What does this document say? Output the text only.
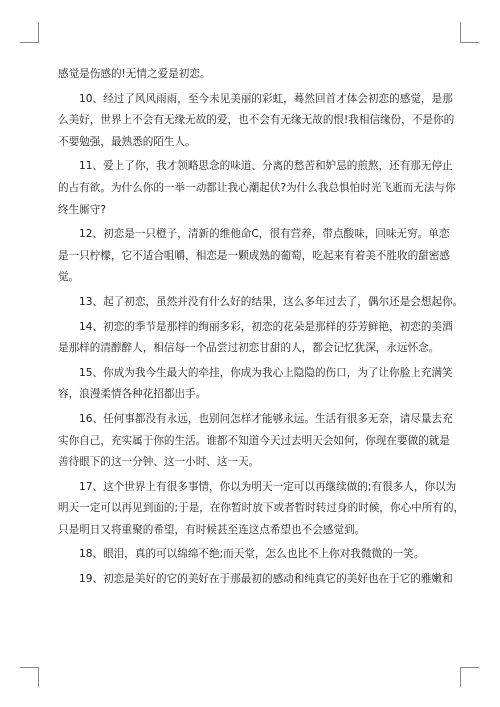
感觉是伤感的!无情之爱是初恋。

10、经过了风风雨雨，至今未见美丽的彩虹，蓦然回首才体会初恋的感觉，是那
么美好，世界上不会有无缘无故的爱，也不会有无缘无故的恨!我相信缘份，不是你的
不要勉强，最熟悉的陌生人。

11、爱上了你，我才领略思念的味道、分离的愁苦和妒忌的煎熬，还有那无停止
的占有欲。为什么你的一举一动都让我心潮起伏?为什么我总惧怕时光飞逝而无法与你
终生厮守?

12、初恋是一只橙子，清新的维他命C，很有营养，带点酸味，回味无穷。单恋
是一只柠檬，它不适合咀嚼，相恋是一颗成熟的葡萄，吃起来有着美不胜收的甜密感
觉。

13、起了初恋，虽然并没有什么好的结果，这么多年过去了，偶尔还是会想起你。

14、初恋的季节是那样的绚丽多彩，初恋的花朵是那样的芬芳鲜艳，初恋的美酒
是那样的清醇醉人，相信每一个品尝过初恋甘甜的人，都会记忆犹深，永远怀念。

15、你成为我今生最大的牵挂，你成为我心上隐隐的伤口，为了让你脸上充满笑
容，浪漫柔情各种花招都出手。

16、任何事都没有永远，也别问怎样才能够永远。生活有很多无奈，请尽量去充
实你自己，充实属于你的生活。谁都不知道今天过去明天会如何，你现在要做的就是
善待眼下的这一分钟、这一小时、这一天。

17、这个世界上有很多事情，你以为明天一定可以再继续做的;有很多人，你以为
明天一定可以再见到面的;于是，在你暂时放下或者暂时转过身的时候，你心中所有的，
只是明日又将重聚的希望，有时候甚至连这点希望也不会感觉到。

18、眼泪，真的可以绵绵不绝;而天堂，怎么也比不上你对我微微的一笑。

19、初恋是美好的它的美好在于那最初的感动和纯真它的美好也在于它的雅嫩和
